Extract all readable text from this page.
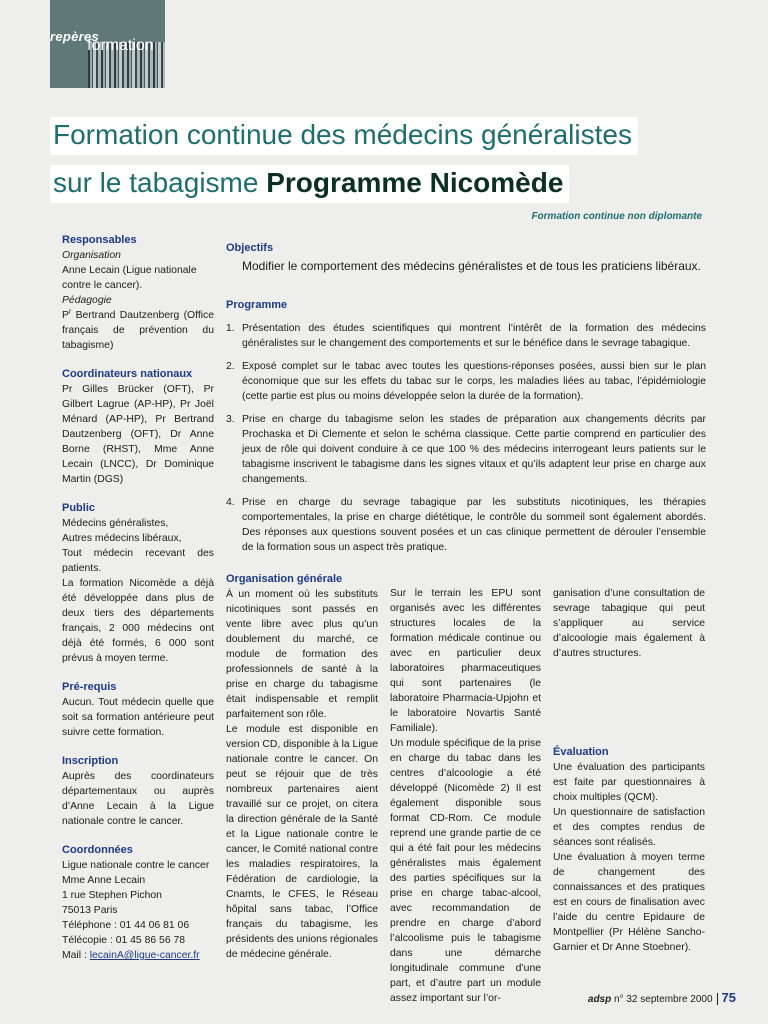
repères
formation
Formation continue des médecins généralistes
sur le tabagisme Programme Nicomède
Formation continue non diplomante

Responsables

Organisation

Anne Lecain (Ligue nationale contre le cancer).

Pédagogie

$P^r$ Bertrand Dautzenberg (Office français de prévention du tabagisme)

Coordinateurs nationaux

Pr Gilles Brücker (OFT), Pr Gilbert Lagrue (AP-HP), Pr Joël Ménard (AP-HP), Pr Bertrand Dautzenberg (OFT), Dr Anne Borne (RHST), Mme Anne Lecain (LNCC), Dr Dominique Martin (DGS)

Public

Médecins généralistes,

Autres médecins libéraux,

Tout médecin recevant des patients.

La formation Nicomède a déjà été développée dans plus de deux tiers des départements français, 2 000 médecins ont déjà été formés, 6 000 sont prévus à moyen terme.

Pré-requis

Aucun. Tout médecin quelle que soit sa formation antérieure peut suivre cette formation.

Inscription

Auprès des coordinateurs départementaux ou auprès d’Anne Lecain à la Ligue nationale contre le cancer.

Coordonnées

Ligue nationale contre le cancer

Mme Anne Lecain

1 rue Stephen Pichon

75013 Paris

Téléphone : 01 44 06 81 06

Télécopie : 01 45 86 56 78

Mail : lecainA@ligue-cancer.fr

Objectifs

Modifier le comportement des médecins généralistes et de tous les praticiens libéraux.

Programme

1. Présentation des études scientifiques qui montrent l’intérêt de la formation des médecins généralistes sur le changement des comportements et sur le bénéfice dans le sevrage tabagique.
2. Exposé complet sur le tabac avec toutes les questions-réponses posées, aussi bien sur le plan économique que sur les effets du tabac sur le corps, les maladies liées au tabac, l’épidémiologie (cette partie est plus ou moins développée selon la durée de la formation).
3. Prise en charge du tabagisme selon les stades de préparation aux changements décrits par Prochaska et Di Clemente et selon le schéma classique. Cette partie comprend en particulier des jeux de rôle qui doivent conduire à ce que 100 % des médecins interrogeant leurs patients sur le tabagisme inscrivent le tabagisme dans les signes vitaux et qu’ils adaptent leur prise en charge aux changements.
4. Prise en charge du sevrage tabagique par les substituts nicotiniques, les thérapies comportementales, la prise en charge diététique, le contrôle du sommeil sont également abordés. Des réponses aux questions souvent posées et un cas clinique permettent de dérouler l’ensemble de la formation sous un aspect très pratique.

Organisation générale

À un moment où les substituts nicotiniques sont passés en vente libre avec plus qu’un doublement du marché, ce module de formation des professionnels de santé à la prise en charge du tabagisme était indispensable et remplit parfaitement son rôle.

Le module est disponible en version CD, disponible à la Ligue nationale contre le cancer. On peut se réjouir que de très nombreux partenaires aient travaillé sur ce projet, on citera la direction générale de la Santé et la Ligue nationale contre le cancer, le Comité national contre les maladies respiratoires, la Fédération de cardiologie, la Cnamts, le CFES, le Réseau hôpital sans tabac, l’Office français du tabagisme, les présidents des unions régionales de médecine générale.

Sur le terrain les EPU sont organisés avec les différentes structures locales de la formation médicale continue ou avec en particulier deux laboratoires pharmaceutiques qui sont partenaires (le laboratoire Pharmacia-Upjohn et le laboratoire Novartis Santé Familiale).

Un module spécifique de la prise en charge du tabac dans les centres d’alcoologie a été développé (Nicomède 2) Il est également disponible sous format CD-Rom. Ce module reprend une grande partie de ce qui a été fait pour les médecins généralistes mais également des parties spécifiques sur la prise en charge tabac-alcool, avec recommandation de prendre en charge d’abord l’alcoolisme puis le tabagisme dans une démarche longitudinale commune d’une part, et d’autre part un module assez important sur l’or-

ganisation d’une consultation de sevrage tabagique qui peut s’appliquer au service d’alcoologie mais également à d’autres structures.

Évaluation

Une évaluation des participants est faite par questionnaires à choix multiples (QCM).

Un questionnaire de satisfaction et des comptes rendus de séances sont réalisés.

Une évaluation à moyen terme de changement des connaissances et des pratiques est en cours de finalisation avec l’aide du centre Epidaure de Montpellier (Pr Hélène Sancho-Garnier et Dr Anne Stoebner).

adsp n° 32 septembre 2000 75
